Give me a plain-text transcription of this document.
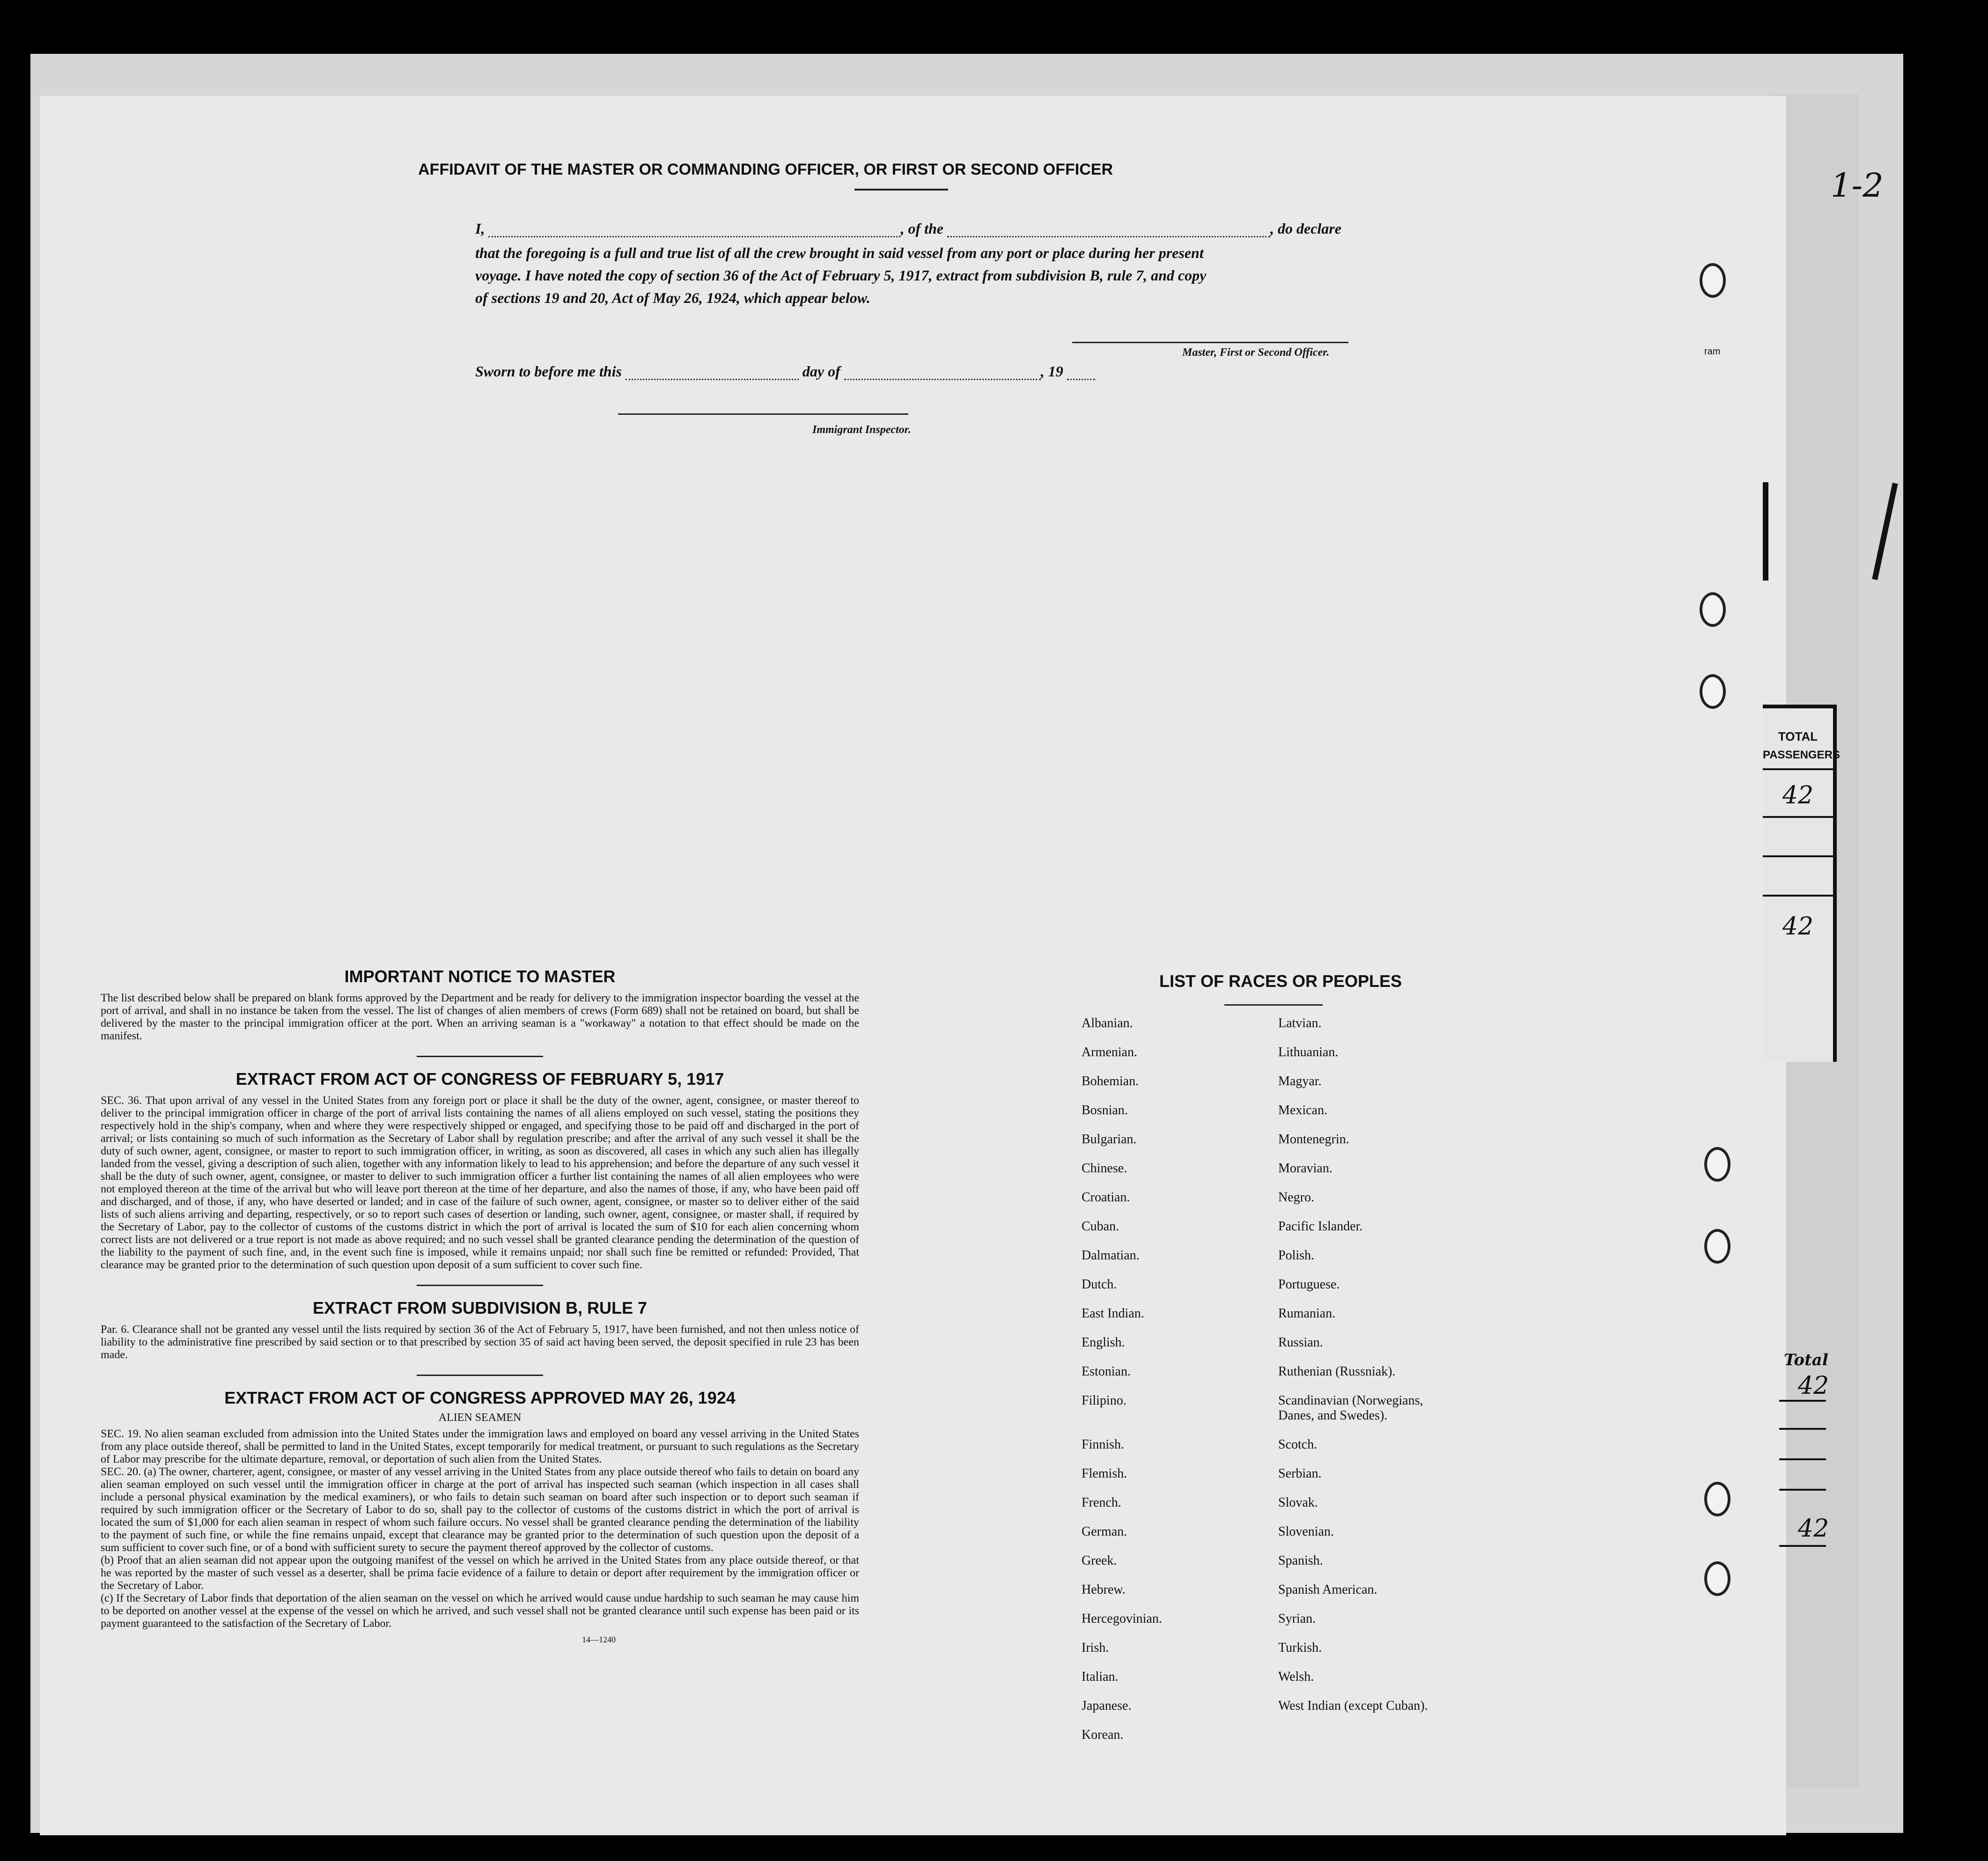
AFFIDAVIT OF THE MASTER OR COMMANDING OFFICER, OR FIRST OR SECOND OFFICER
I,	, of the	, do declare
that the foregoing is a full and true list of all the crew brought in said vessel from any port or place during her present
voyage. I have noted the copy of section 36 of the Act of February 5, 1917, extract from subdivision B, rule 7, and copy
of sections 19 and 20, Act of May 26, 1924, which appear below.
Master, First or Second Officer.
Sworn to before me this	day of	, 19
Immigrant Inspector.
IMPORTANT NOTICE TO MASTER
The list described below shall be prepared on blank forms approved by the Department and be ready for delivery to the immigration inspector boarding the vessel at the port of arrival, and shall in no instance be taken from the vessel. The list of changes of alien members of crews (Form 689) shall not be retained on board, but shall be delivered by the master to the principal immigration officer at the port. When an arriving seaman is a "workaway" a notation to that effect should be made on the manifest.
EXTRACT FROM ACT OF CONGRESS OF FEBRUARY 5, 1917
SEC. 36. That upon arrival of any vessel in the United States from any foreign port or place it shall be the duty of the owner, agent, consignee, or master thereof to deliver to the principal immigration officer in charge of the port of arrival lists containing the names of all aliens employed on such vessel, stating the positions they respectively hold in the ship's company, when and where they were respectively shipped or engaged, and specifying those to be paid off and discharged in the port of arrival; or lists containing so much of such information as the Secretary of Labor shall by regulation prescribe; and after the arrival of any such vessel it shall be the duty of such owner, agent, consignee, or master to report to such immigration officer, in writing, as soon as discovered, all cases in which any such alien has illegally landed from the vessel, giving a description of such alien, together with any information likely to lead to his apprehension; and before the departure of any such vessel it shall be the duty of such owner, agent, consignee, or master to deliver to such immigration officer a further list containing the names of all alien employees who were not employed thereon at the time of the arrival but who will leave port thereon at the time of her departure, and also the names of those, if any, who have been paid off and discharged, and of those, if any, who have deserted or landed; and in case of the failure of such owner, agent, consignee, or master so to deliver either of the said lists of such aliens arriving and departing, respectively, or so to report such cases of desertion or landing, such owner, agent, consignee, or master shall, if required by the Secretary of Labor, pay to the collector of customs of the customs district in which the port of arrival is located the sum of $10 for each alien concerning whom correct lists are not delivered or a true report is not made as above required; and no such vessel shall be granted clearance pending the determination of the question of the liability to the payment of such fine, and, in the event such fine is imposed, while it remains unpaid; nor shall such fine be remitted or refunded: Provided, That clearance may be granted prior to the determination of such question upon deposit of a sum sufficient to cover such fine.
EXTRACT FROM SUBDIVISION B, RULE 7
Par. 6. Clearance shall not be granted any vessel until the lists required by section 36 of the Act of February 5, 1917, have been furnished, and not then unless notice of liability to the administrative fine prescribed by said section or to that prescribed by section 35 of said act having been served, the deposit specified in rule 23 has been made.
EXTRACT FROM ACT OF CONGRESS APPROVED MAY 26, 1924
ALIEN SEAMEN
SEC. 19. No alien seaman excluded from admission into the United States under the immigration laws and employed on board any vessel arriving in the United States from any place outside thereof, shall be permitted to land in the United States, except temporarily for medical treatment, or pursuant to such regulations as the Secretary of Labor may prescribe for the ultimate departure, removal, or deportation of such alien from the United States.
SEC. 20. (a) The owner, charterer, agent, consignee, or master of any vessel arriving in the United States from any place outside thereof who fails to detain on board any alien seaman employed on such vessel until the immigration officer in charge at the port of arrival has inspected such seaman (which inspection in all cases shall include a personal physical examination by the medical examiners), or who fails to detain such seaman on board after such inspection or to deport such seaman if required by such immigration officer or the Secretary of Labor to do so, shall pay to the collector of customs of the customs district in which the port of arrival is located the sum of $1,000 for each alien seaman in respect of whom such failure occurs. No vessel shall be granted clearance pending the determination of the liability to the payment of such fine, or while the fine remains unpaid, except that clearance may be granted prior to the determination of such question upon the deposit of a sum sufficient to cover such fine, or of a bond with sufficient surety to secure the payment thereof approved by the collector of customs.
(b) Proof that an alien seaman did not appear upon the outgoing manifest of the vessel on which he arrived in the United States from any place outside thereof, or that he was reported by the master of such vessel as a deserter, shall be prima facie evidence of a failure to detain or deport after requirement by the immigration officer or the Secretary of Labor.
(c) If the Secretary of Labor finds that deportation of the alien seaman on the vessel on which he arrived would cause undue hardship to such seaman he may cause him to be deported on another vessel at the expense of the vessel on which he arrived, and such vessel shall not be granted clearance until such expense has been paid or its payment guaranteed to the satisfaction of the Secretary of Labor.
14—1240
LIST OF RACES OR PEOPLES
Albanian.
Armenian.
Bohemian.
Bosnian.
Bulgarian.
Chinese.
Croatian.
Cuban.
Dalmatian.
Dutch.
East Indian.
English.
Estonian.
Filipino.
Finnish.
Flemish.
French.
German.
Greek.
Hebrew.
Hercegovinian.
Irish.
Italian.
Japanese.
Korean.
Latvian.
Lithuanian.
Magyar.
Mexican.
Montenegrin.
Moravian.
Negro.
Pacific Islander.
Polish.
Portuguese.
Rumanian.
Russian.
Ruthenian (Russniak).
Scandinavian (Norwegians,
Danes, and Swedes).
Scotch.
Serbian.
Slovak.
Slovenian.
Spanish.
Spanish American.
Syrian.
Turkish.
Welsh.
West Indian (except Cuban).
ram
1-2
TOTAL
PASSENGERS
42
42
Total
42
42
